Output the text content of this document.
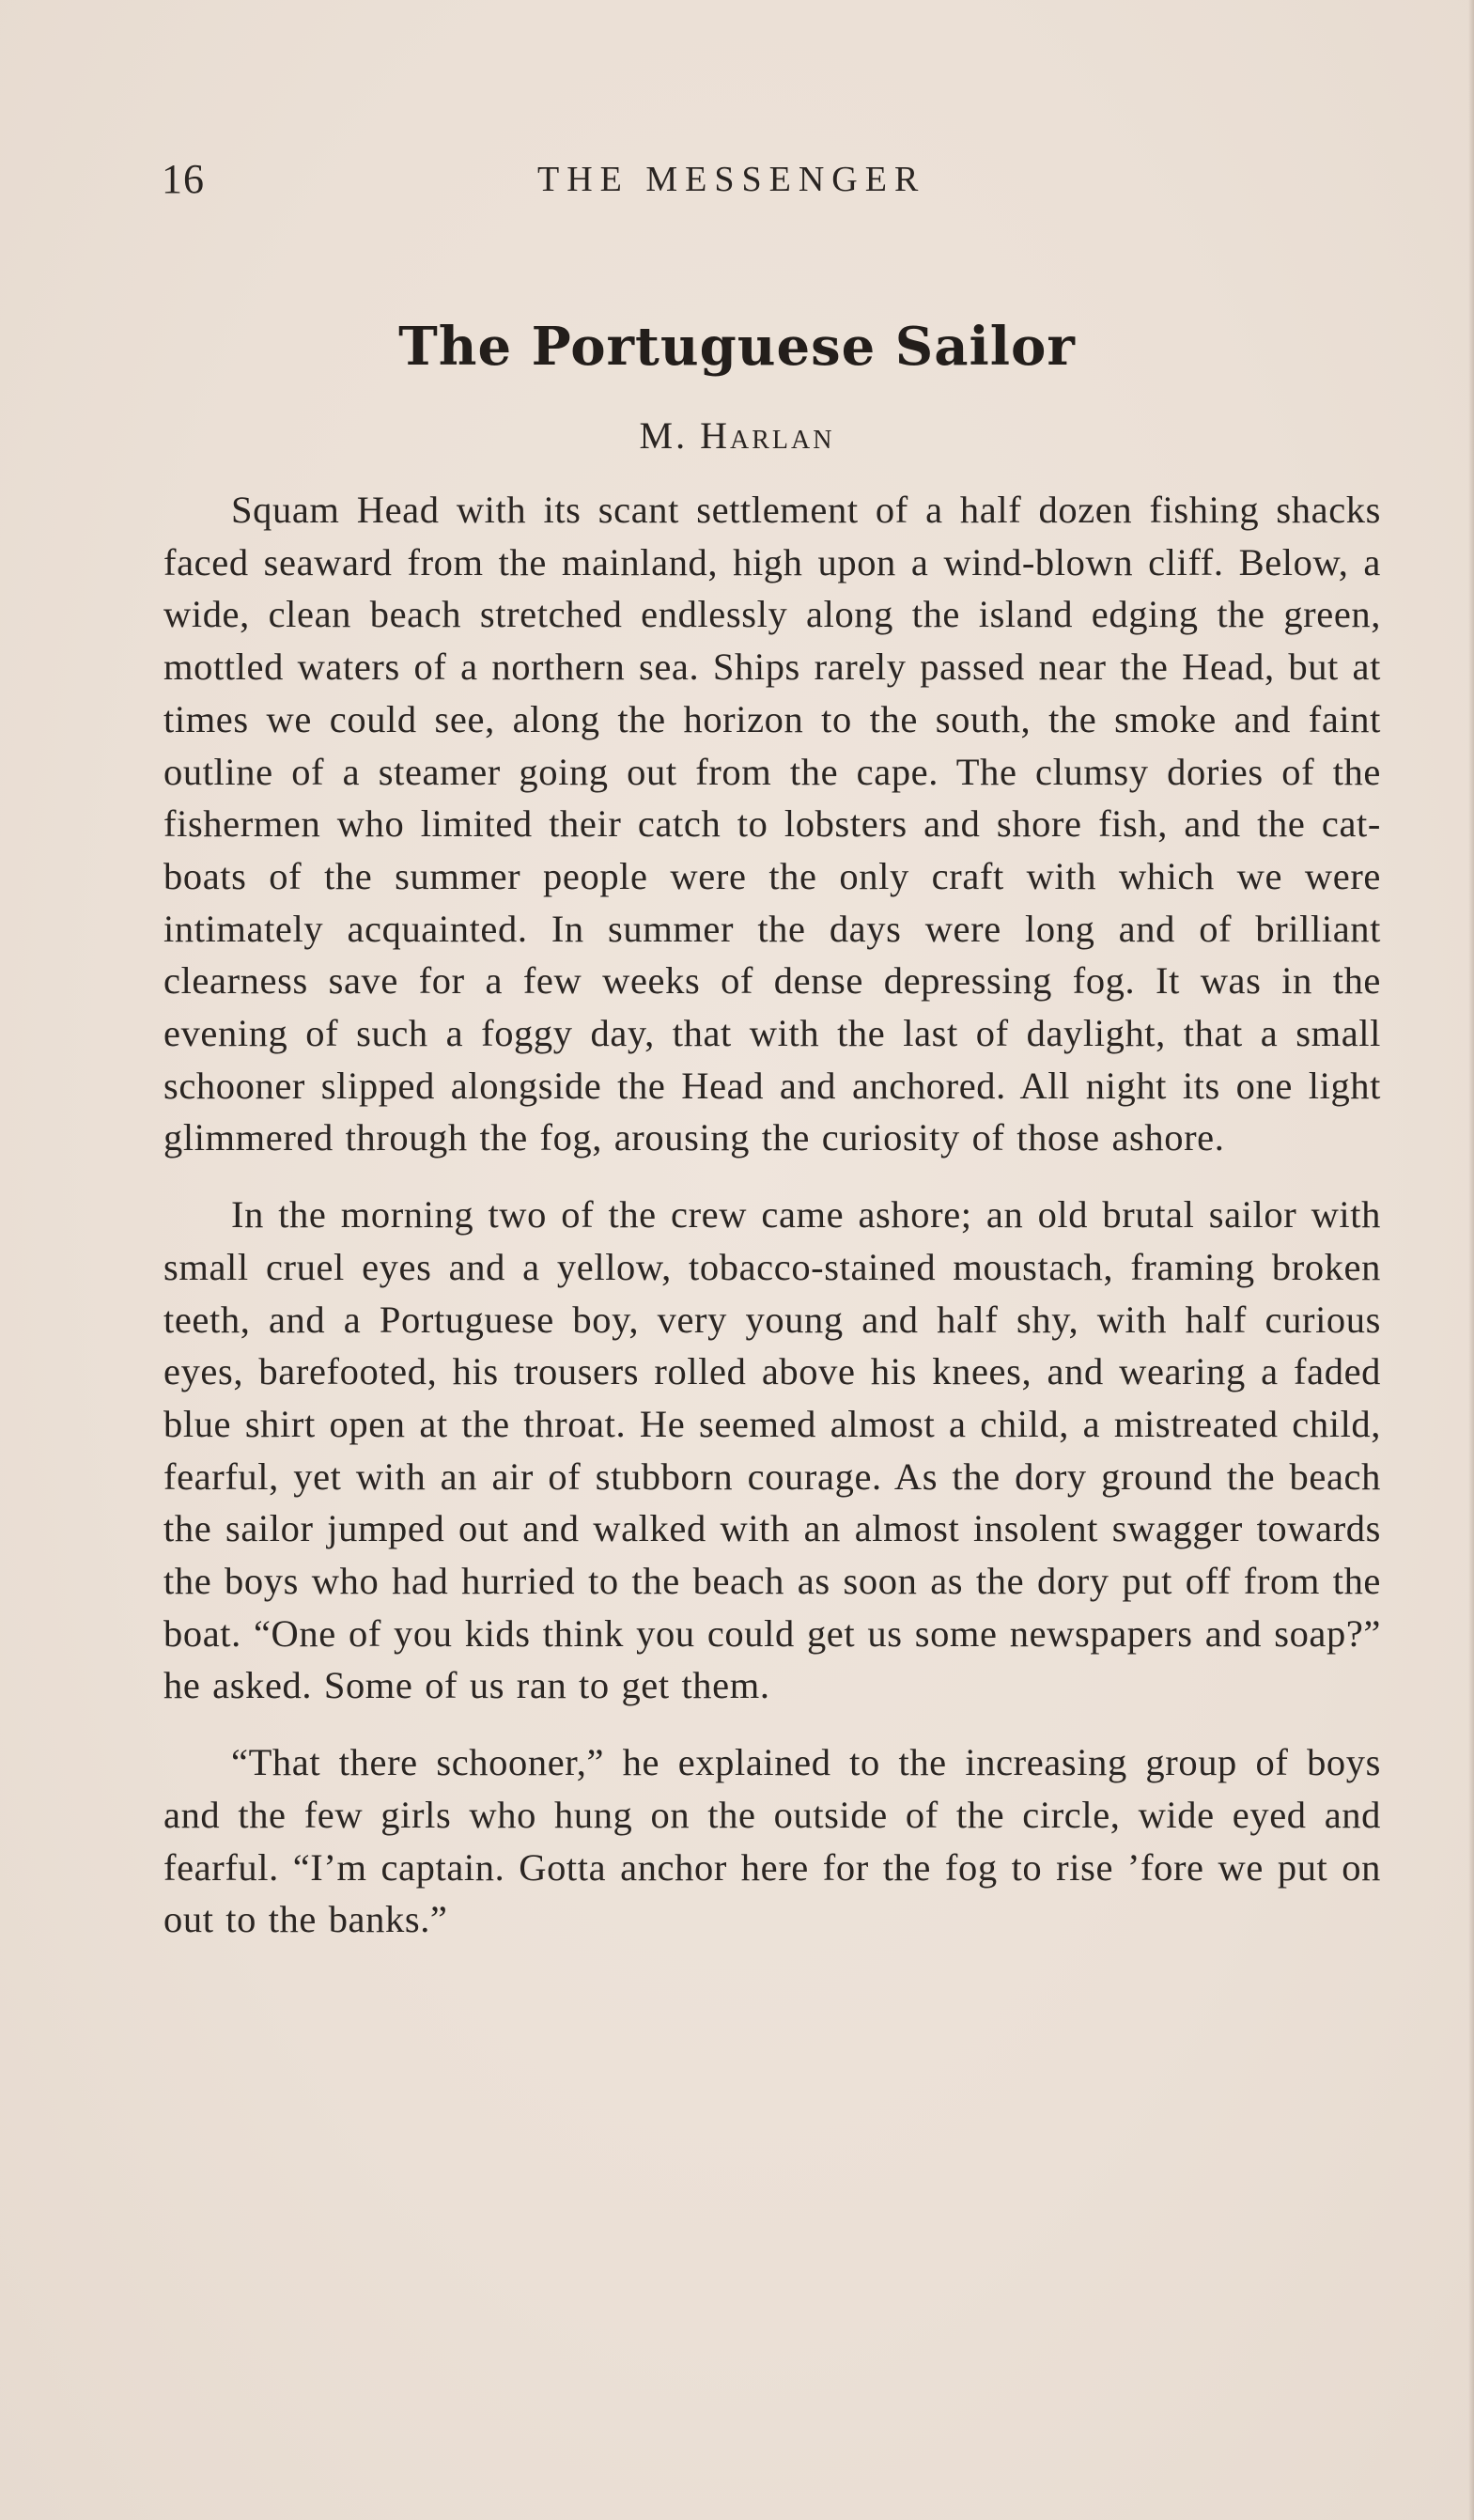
16	THE MESSENGER
The Portuguese Sailor
M. Harlan

Squam Head with its scant settlement of a half dozen fishing shacks faced seaward from the mainland, high upon a wind-blown cliff. Below, a wide, clean beach stretched endlessly along the island edging the green, mottled waters of a northern sea. Ships rarely passed near the Head, but at times we could see, along the horizon to the south, the smoke and faint outline of a steamer going out from the cape. The clumsy dories of the fishermen who limited their catch to lobsters and shore fish, and the cat-boats of the summer people were the only craft with which we were intimately acquainted. In summer the days were long and of brilliant clearness save for a few weeks of dense depressing fog. It was in the evening of such a foggy day, that with the last of daylight, that a small schooner slipped alongside the Head and anchored. All night its one light glimmered through the fog, arousing the curiosity of those ashore.

In the morning two of the crew came ashore; an old brutal sailor with small cruel eyes and a yellow, tobacco-stained moustach, framing broken teeth, and a Portuguese boy, very young and half shy, with half curious eyes, barefooted, his trousers rolled above his knees, and wearing a faded blue shirt open at the throat. He seemed almost a child, a mistreated child, fearful, yet with an air of stubborn courage. As the dory ground the beach the sailor jumped out and walked with an almost insolent swagger towards the boys who had hurried to the beach as soon as the dory put off from the boat. “One of you kids think you could get us some newspapers and soap?” he asked. Some of us ran to get them.

“That there schooner,” he explained to the increasing group of boys and the few girls who hung on the outside of the circle, wide eyed and fearful. “I’m captain. Gotta anchor here for the fog to rise ’fore we put on out to the banks.”
